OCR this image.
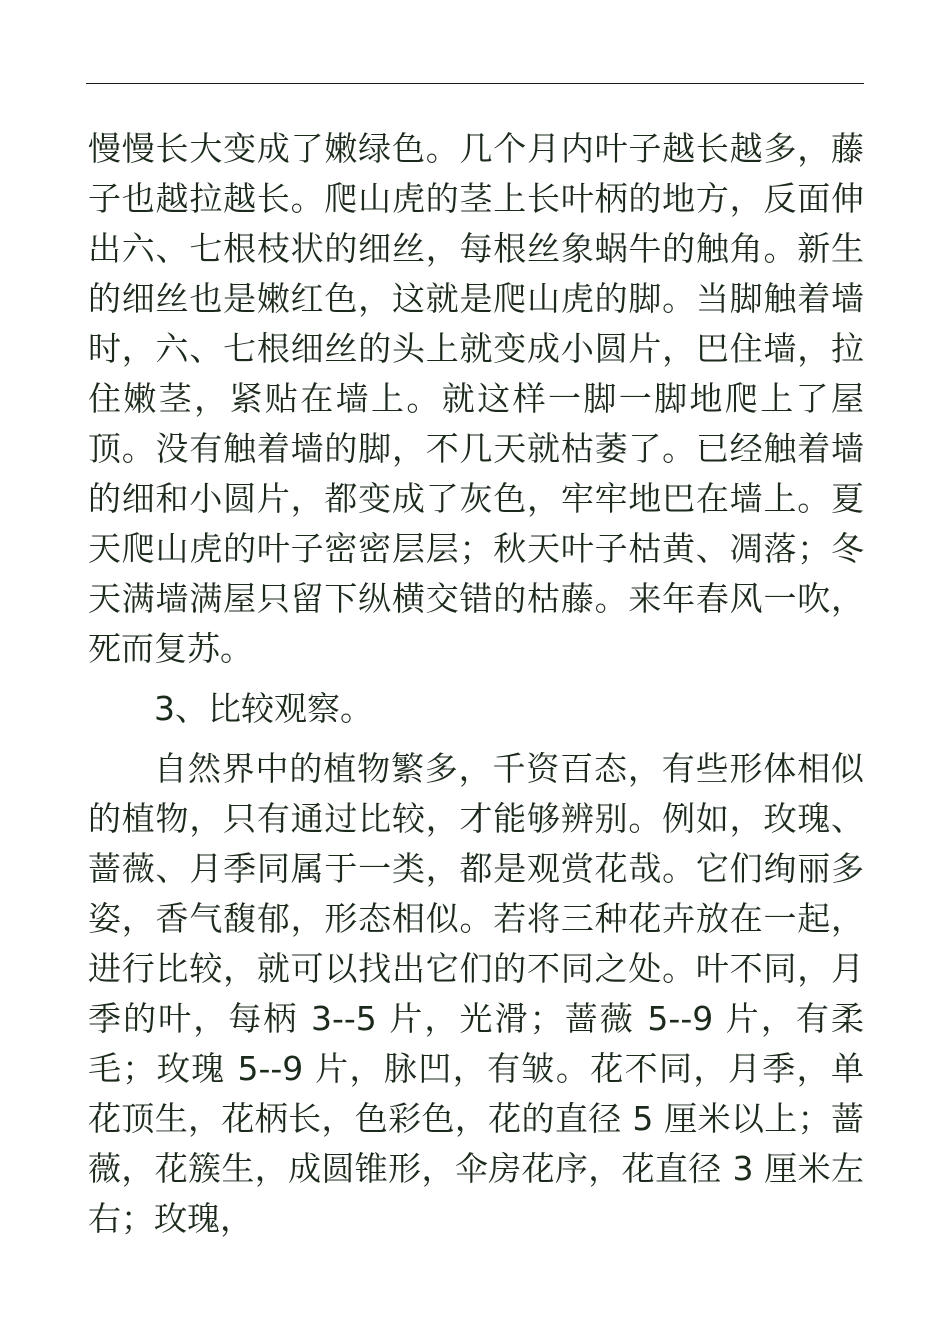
慢慢长大变成了嫩绿色。几个月内叶子越长越多，藤子也越拉越长。爬山虎的茎上长叶柄的地方，反面伸出六、七根枝状的细丝，每根丝象蜗牛的触角。新生的细丝也是嫩红色，这就是爬山虎的脚。当脚触着墙时，六、七根细丝的头上就变成小圆片，巴住墙，拉住嫩茎，紧贴在墙上。就这样一脚一脚地爬上了屋顶。没有触着墙的脚，不几天就枯萎了。已经触着墙的细和小圆片，都变成了灰色，牢牢地巴在墙上。夏天爬山虎的叶子密密层层；秋天叶子枯黄、凋落；冬天满墙满屋只留下纵横交错的枯藤。来年春风一吹，死而复苏。

3、比较观察。

自然界中的植物繁多，千资百态，有些形体相似的植物，只有通过比较，才能够辨别。例如，玫瑰、蔷薇、月季同属于一类，都是观赏花哉。它们绚丽多姿，香气馥郁，形态相似。若将三种花卉放在一起，进行比较，就可以找出它们的不同之处。叶不同，月季的叶，每柄 3--5 片，光滑；蔷薇 5--9 片，有柔毛；玫瑰 5--9 片，脉凹，有皱。花不同，月季，单花顶生，花柄长，色彩色，花的直径 5 厘米以上；蔷薇，花簇生，成圆锥形，伞房花序，花直径 3 厘米左右；玫瑰，
